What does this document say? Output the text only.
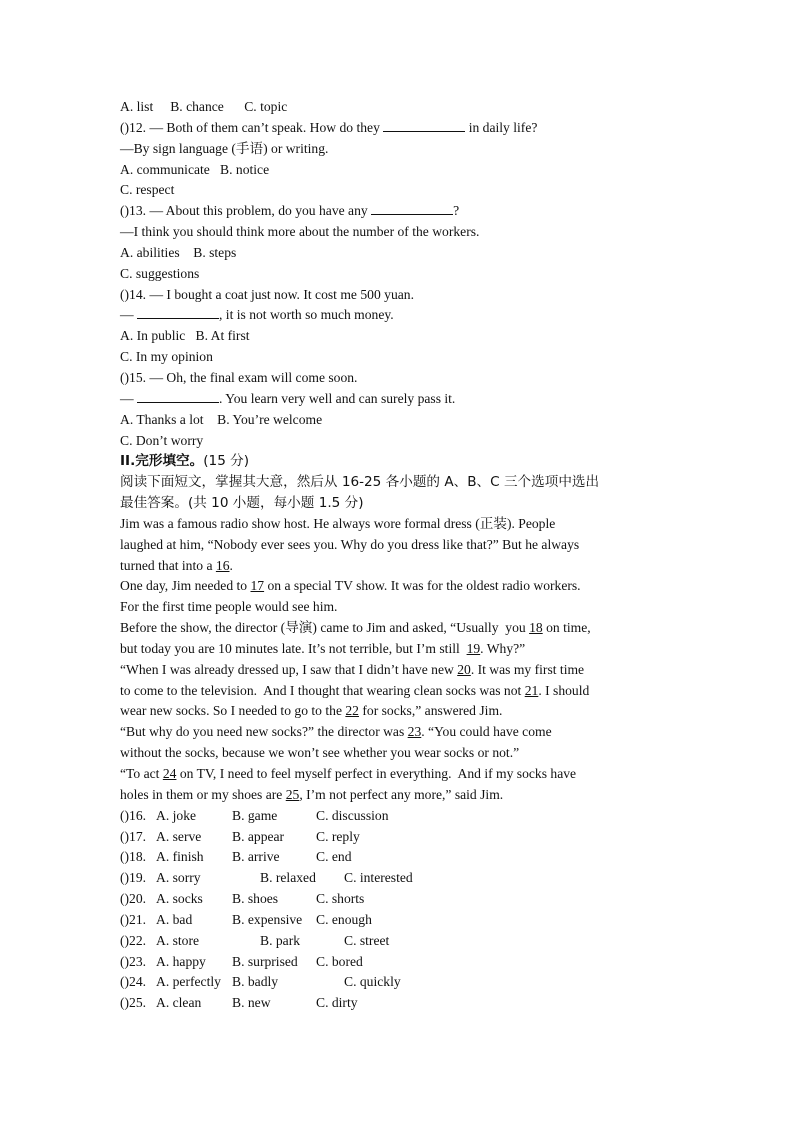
A. list     B. chance      C. topic
()12. — Both of them can’t speak. How do they	in daily life?
—By sign language (手语) or writing.
A. communicate   B. notice
C. respect
()13. — About this problem, do you have any	?
—I think you should think more about the number of the workers.
A. abilities    B. steps
C. suggestions
()14. — I bought a coat just now. It cost me 500 yuan.
—	, it is not worth so much money.
A. In public   B. At first
C. In my opinion
()15. — Oh, the final exam will come soon.
—	. You learn very well and can surely pass it.
A. Thanks a lot    B. You’re welcome
C. Don’t worry
II.完形填空。(15 分)
阅读下面短文，掌握其大意，然后从 16-25 各小题的 A、B、C 三个选项中选出
最佳答案。(共 10 小题，每小题 1.5 分)
Jim was a famous radio show host. He always wore formal dress (正装). People
laughed at him, “Nobody ever sees you. Why do you dress like that?” But he always
turned that into a 16.
One day, Jim needed to 17 on a special TV show. It was for the oldest radio workers.
For the first time people would see him.
Before the show, the director (导演) came to Jim and asked, “Usually  you 18 on time,
but today you are 10 minutes late. It’s not terrible, but I’m still  19. Why?”
“When I was already dressed up, I saw that I didn’t have new 20. It was my first time
to come to the television.  And I thought that wearing clean socks was not 21. I should
wear new socks. So I needed to go to the 22 for socks,” answered Jim.
“But why do you need new socks?” the director was 23. “You could have come
without the socks, because we won’t see whether you wear socks or not.”
“To act 24 on TV, I need to feel myself perfect in everything.  And if my socks have
holes in them or my shoes are 25, I’m not perfect any more,” said Jim.
()16. A. joke	B. game	C. discussion
()17. A. serve B. appear C. reply
()18. A. finish B. arrive	C. end
()19. A. sorry	B. relaxed C. interested
()20. A. socks B. shoes	C. shorts
()21. A. bad	B. expensive C. enough
()22. A. store	B. park	C. street
()23. A. happy B. surprised C. bored
()24. A. perfectly B. badly	C. quickly
()25. A. clean B. new	C. dirty
